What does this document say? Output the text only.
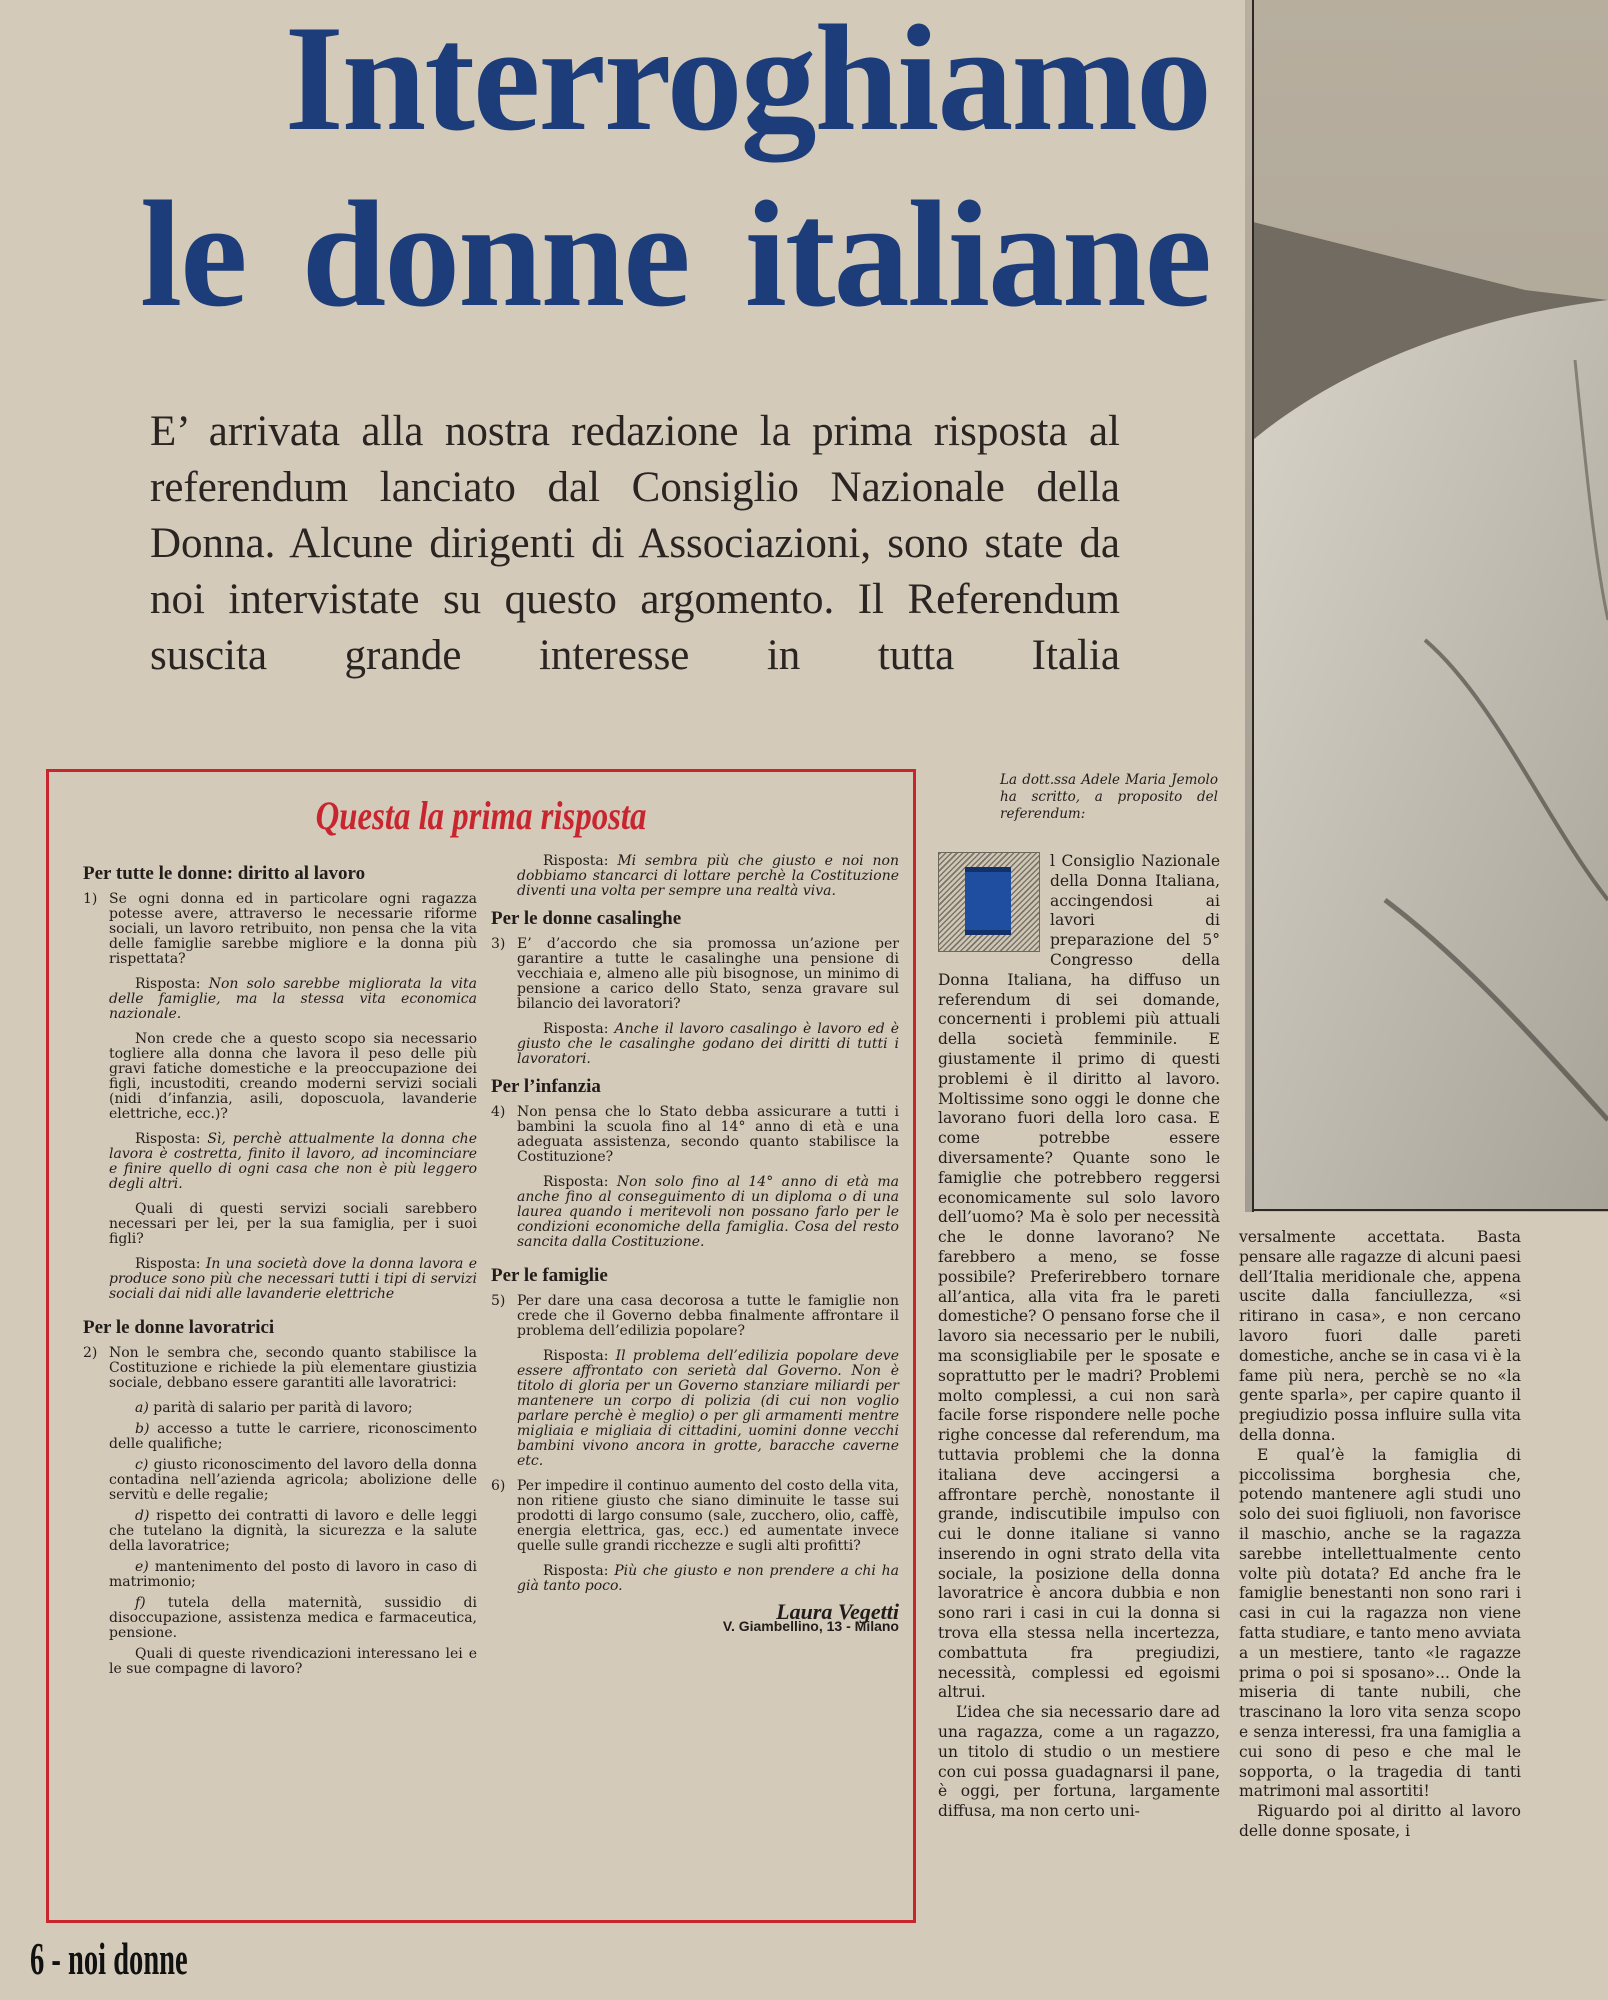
Interroghiamo
le donne italiane
E’ arrivata alla nostra redazione la prima risposta al referendum lanciato dal Consiglio Nazionale della Donna. Alcune dirigenti di Associazioni, sono state da noi intervistate su questo argomento. Il Referendum suscita grande interesse in tutta Italia
Questa la prima risposta
Per tutte le donne: diritto al lavoro
1) Se ogni donna ed in particolare ogni ragazza potesse avere, attraverso le necessarie riforme sociali, un lavoro retribuito, non pensa che la vita delle famiglie sarebbe migliore e la donna più rispettata?
Risposta: Non solo sarebbe migliorata la vita delle famiglie, ma la stessa vita economica nazionale.
Non crede che a questo scopo sia necessario togliere alla donna che lavora il peso delle più gravi fatiche domestiche e la preoccupazione dei figli, incustoditi, creando moderni servizi sociali (nidi d’infanzia, asili, doposcuola, lavanderie elettriche, ecc.)?
Risposta: Sì, perchè attualmente la donna che lavora è costretta, finito il lavoro, ad incominciare e finire quello di ogni casa che non è più leggero degli altri.
Quali di questi servizi sociali sarebbero necessari per lei, per la sua famiglia, per i suoi figli?
Risposta: In una società dove la donna lavora e produce sono più che necessari tutti i tipi di servizi sociali dai nidi alle lavanderie elettriche
Per le donne lavoratrici
2) Non le sembra che, secondo quanto stabilisce la Costituzione e richiede la più elementare giustizia sociale, debbano essere garantiti alle lavoratrici:
a) parità di salario per parità di lavoro;
b) accesso a tutte le carriere, riconoscimento delle qualifiche;
c) giusto riconoscimento del lavoro della donna contadina nell’azienda agricola; abolizione delle servitù e delle regalie;
d) rispetto dei contratti di lavoro e delle leggi che tutelano la dignità, la sicurezza e la salute della lavoratrice;
e) mantenimento del posto di lavoro in caso di matrimonio;
f) tutela della maternità, sussidio di disoccupazione, assistenza medica e farmaceutica, pensione.
Quali di queste rivendicazioni interessano lei e le sue compagne di lavoro?
Risposta: Mi sembra più che giusto e noi non dobbiamo stancarci di lottare perchè la Costituzione diventi una volta per sempre una realtà viva.
Per le donne casalinghe
3) E’ d’accordo che sia promossa un’azione per garantire a tutte le casalinghe una pensione di vecchiaia e, almeno alle più bisognose, un minimo di pensione a carico dello Stato, senza gravare sul bilancio dei lavoratori?
Risposta: Anche il lavoro casalingo è lavoro ed è giusto che le casalinghe godano dei diritti di tutti i lavoratori.
Per l’infanzia
4) Non pensa che lo Stato debba assicurare a tutti i bambini la scuola fino al 14° anno di età e una adeguata assistenza, secondo quanto stabilisce la Costituzione?
Risposta: Non solo fino al 14° anno di età ma anche fino al conseguimento di un diploma o di una laurea quando i meritevoli non possano farlo per le condizioni economiche della famiglia. Cosa del resto sancita dalla Costituzione.
Per le famiglie
5) Per dare una casa decorosa a tutte le famiglie non crede che il Governo debba finalmente affrontare il problema dell’edilizia popolare?
Risposta: Il problema dell’edilizia popolare deve essere affrontato con serietà dal Governo. Non è titolo di gloria per un Governo stanziare miliardi per mantenere un corpo di polizia (di cui non voglio parlare perchè è meglio) o per gli armamenti mentre migliaia e migliaia di cittadini, uomini donne vecchi bambini vivono ancora in grotte, baracche caverne etc.
6) Per impedire il continuo aumento del costo della vita, non ritiene giusto che siano diminuite le tasse sui prodotti di largo consumo (sale, zucchero, olio, caffè, energia elettrica, gas, ecc.) ed aumentate invece quelle sulle grandi ricchezze e sugli alti profitti?
Risposta: Più che giusto e non prendere a chi ha già tanto poco.
Laura Vegetti
V. Giambellino, 13 - Milano
La dott.ssa Adele Maria Jemolo ha scritto, a proposito del referendum:

l Consiglio Nazionale della Donna Italiana, accingendosi ai lavori di preparazione del 5° Congresso della Donna Italiana, ha diffuso un referendum di sei domande, concernenti i problemi più attuali della società femminile. E giustamente il primo di questi problemi è il diritto al lavoro. Moltissime sono oggi le donne che lavorano fuori della loro casa. E come potrebbe essere diversamente? Quante sono le famiglie che potrebbero reggersi economicamente sul solo lavoro dell’uomo? Ma è solo per necessità che le donne lavorano? Ne farebbero a meno, se fosse possibile? Preferirebbero tornare all’antica, alla vita fra le pareti domestiche? O pensano forse che il lavoro sia necessario per le nubili, ma sconsigliabile per le sposate e soprattutto per le madri? Problemi molto complessi, a cui non sarà facile forse rispondere nelle poche righe concesse dal referendum, ma tuttavia problemi che la donna italiana deve accingersi a affrontare perchè, nonostante il grande, indiscutibile impulso con cui le donne italiane si vanno inserendo in ogni strato della vita sociale, la posizione della donna lavoratrice è ancora dubbia e non sono rari i casi in cui la donna si trova ella stessa nella incertezza, combattuta fra pregiudizi, necessità, complessi ed egoismi altrui.

L’idea che sia necessario dare ad una ragazza, come a un ragazzo, un titolo di studio o un mestiere con cui possa guadagnarsi il pane, è oggi, per fortuna, largamente diffusa, ma non certo uni-

versalmente accettata. Basta pensare alle ragazze di alcuni paesi dell’Italia meridionale che, appena uscite dalla fanciullezza, «si ritirano in casa», e non cercano lavoro fuori dalle pareti domestiche, anche se in casa vi è la fame più nera, perchè se no «la gente sparla», per capire quanto il pregiudizio possa influire sulla vita della donna.

E qual’è la famiglia di piccolissima borghesia che, potendo mantenere agli studi uno solo dei suoi figliuoli, non favorisce il maschio, anche se la ragazza sarebbe intellettualmente cento volte più dotata? Ed anche fra le famiglie benestanti non sono rari i casi in cui la ragazza non viene fatta studiare, e tanto meno avviata a un mestiere, tanto «le ragazze prima o poi si sposano»... Onde la miseria di tante nubili, che trascinano la loro vita senza scopo e senza interessi, fra una famiglia a cui sono di peso e che mal le sopporta, o la tragedia di tanti matrimoni mal assortiti!

Riguardo poi al diritto al lavoro delle donne sposate, i

6 - noi donne
